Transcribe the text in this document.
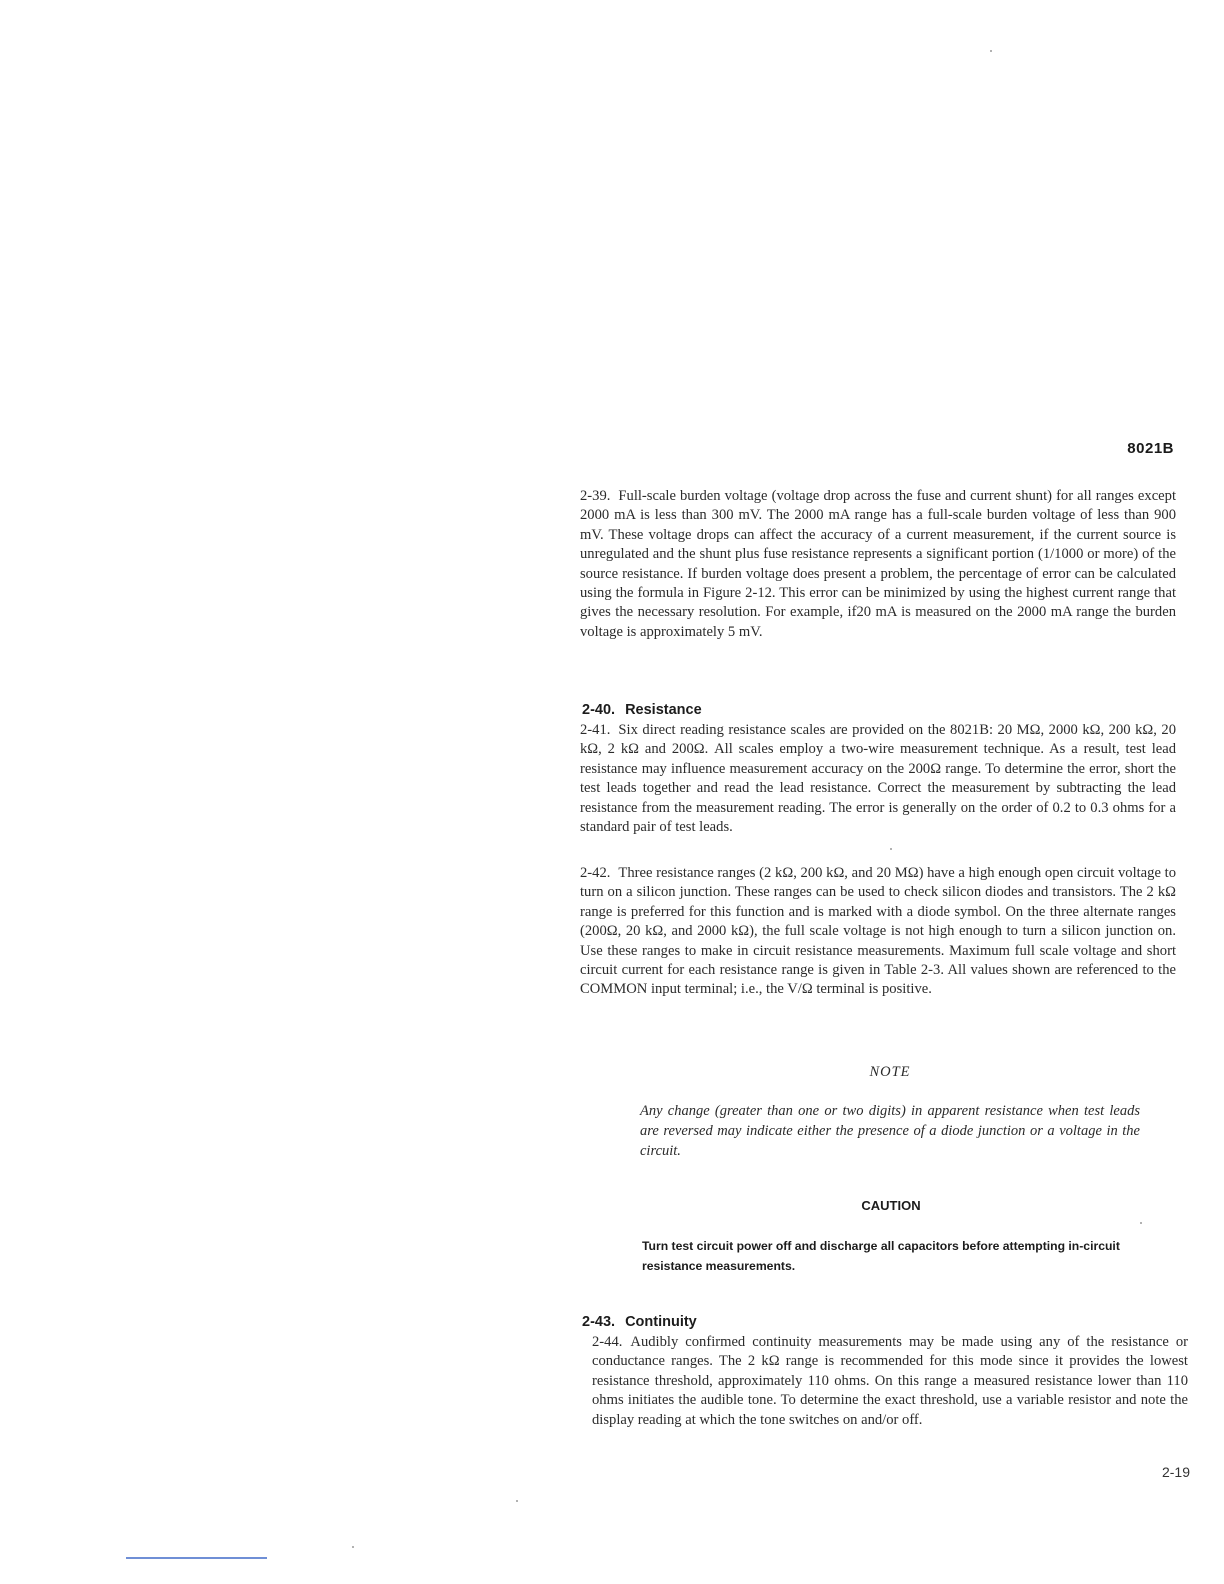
8021B

2-39. Full-scale burden voltage (voltage drop across the fuse and current shunt) for all ranges except 2000 mA is less than 300 mV. The 2000 mA range has a full-scale burden voltage of less than 900 mV. These voltage drops can affect the accuracy of a current measurement, if the current source is unregulated and the shunt plus fuse resistance represents a significant portion (1/1000 or more) of the source resistance. If burden voltage does present a problem, the percentage of error can be calculated using the formula in Figure 2-12. This error can be minimized by using the highest current range that gives the necessary resolution. For example, if20 mA is measured on the 2000 mA range the burden voltage is approximately 5 mV.

2-40. Resistance

2-41. Six direct reading resistance scales are provided on the 8021B: 20 MΩ, 2000 kΩ, 200 kΩ, 20 kΩ, 2 kΩ and 200Ω. All scales employ a two-wire measurement technique. As a result, test lead resistance may influence measurement accuracy on the 200Ω range. To determine the error, short the test leads together and read the lead resistance. Correct the measurement by subtracting the lead resistance from the measurement reading. The error is generally on the order of 0.2 to 0.3 ohms for a standard pair of test leads.

2-42. Three resistance ranges (2 kΩ, 200 kΩ, and 20 MΩ) have a high enough open circuit voltage to turn on a silicon junction. These ranges can be used to check silicon diodes and transistors. The 2 kΩ range is preferred for this function and is marked with a diode symbol. On the three alternate ranges (200Ω, 20 kΩ, and 2000 kΩ), the full scale voltage is not high enough to turn a silicon junction on. Use these ranges to make in circuit resistance measurements. Maximum full scale voltage and short circuit current for each resistance range is given in Table 2-3. All values shown are referenced to the COMMON input terminal; i.e., the V/Ω terminal is positive.

NOTE

Any change (greater than one or two digits) in apparent resistance when test leads are reversed may indicate either the presence of a diode junction or a voltage in the circuit.

CAUTION

Turn test circuit power off and discharge all capacitors before attempting in-circuit resistance measurements.

2-43. Continuity

2-44. Audibly confirmed continuity measurements may be made using any of the resistance or conductance ranges. The 2 kΩ range is recommended for this mode since it provides the lowest resistance threshold, approximately 110 ohms. On this range a measured resistance lower than 110 ohms initiates the audible tone. To determine the exact threshold, use a variable resistor and note the display reading at which the tone switches on and/or off.

2-19
